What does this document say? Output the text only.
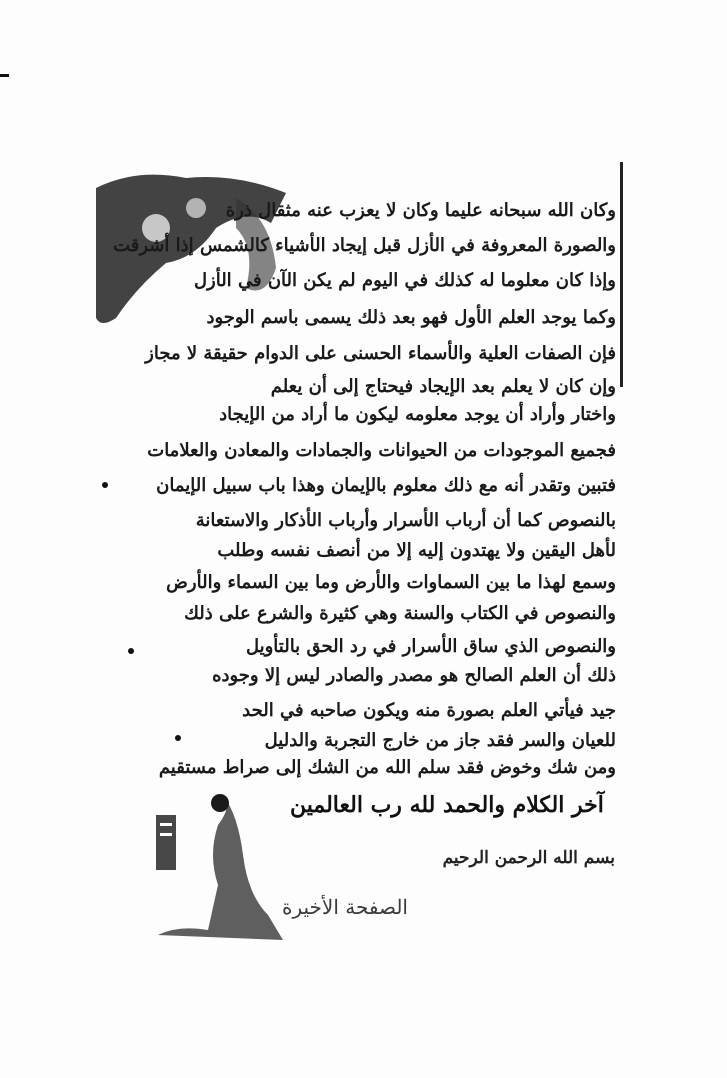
وكان الله سبحانه عليما وكان لا يعزب عنه مثقال ذرة
والصورة المعروفة في الأزل قبل إيجاد الأشياء كالشمس إذا أشرقت
وإذا كان معلوما له كذلك في اليوم لم يكن الآن في الأزل
وكما يوجد العلم الأول فهو بعد ذلك يسمى باسم الوجود
فإن الصفات العلية والأسماء الحسنى على الدوام حقيقة لا مجاز
وإن كان لا يعلم بعد الإيجاد فيحتاج إلى أن يعلم
واختار وأراد أن يوجد معلومه ليكون ما أراد من الإيجاد
فجميع الموجودات من الحيوانات والجمادات والمعادن والعلامات
فتبين وتقدر أنه مع ذلك معلوم بالإيمان وهذا باب سبيل الإيمان
بالنصوص كما أن أرباب الأسرار وأرباب الأذكار والاستعانة
لأهل اليقين ولا يهتدون إليه إلا من أنصف نفسه وطلب
وسمع لهذا ما بين السماوات والأرض وما بين السماء والأرض
والنصوص في الكتاب والسنة وهي كثيرة والشرع على ذلك
والنصوص الذي ساق الأسرار في رد الحق بالتأويل
ذلك أن العلم الصالح هو مصدر والصادر ليس إلا وجوده
جيد فيأتي العلم بصورة منه ويكون صاحبه في الحد
للعيان والسر فقد جاز من خارج التجربة والدليل
ومن شك وخوض فقد سلم الله من الشك إلى صراط مستقيم
آخر الكلام والحمد لله رب العالمين
بسم الله الرحمن الرحيم
الصفحة الأخيرة
